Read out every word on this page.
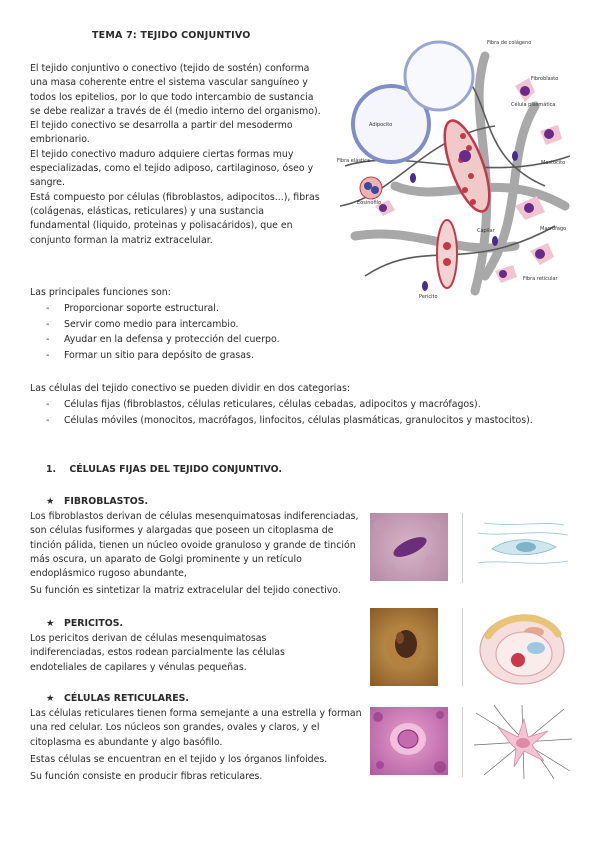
TEMA 7: TEJIDO CONJUNTIVO

El tejido conjuntivo o conectivo (tejido de sostén) conforma una masa coherente entre el sistema vascular sanguíneo y todos los epitelios, por lo que todo intercambio de sustancia se debe realizar a través de él (medio interno del organismo).

El tejido conectivo se desarrolla a partir del mesodermo embrionario.

El tejido conectivo maduro adquiere ciertas formas muy especializadas, como el tejido adiposo, cartilaginoso, óseo y sangre.

Está compuesto por células (fibroblastos, adipocitos...), fibras (colágenas, elásticas, reticulares) y una sustancia fundamental (liquido, proteinas y polisacáridos), que en conjunto forman la matriz extracelular.

Fibra de colágeno
Fibroblasto
Adipocito
Mastocito
Fibra elástica
Eosinófilo
Capilar	Macrófago
Pericito
Fibra reticular
Célula plasmática

Las principales funciones son:

- Proporcionar soporte estructural.
- Servir como medio para intercambio.
- Ayudar en la defensa y protección del cuerpo.
- Formar un sitio para depósito de grasas.

Las células del tejido conectivo se pueden dividir en dos categorias:

- Células fijas (fibroblastos, células reticulares, células cebadas, adipocitos y macrófagos).
- Células móviles (monocitos, macrófagos, linfocitos, células plasmáticas, granulocitos y mastocitos).
1. CÉLULAS FIJAS DEL TEJIDO CONJUNTIVO.
★ FIBROBLASTOS.

Los fibroblastos derivan de células mesenquimatosas indiferenciadas, son células fusiformes y alargadas que poseen un citoplasma de tinción pálida, tienen un núcleo ovoide granuloso y grande de tinción más oscura, un aparato de Golgi prominente y un retículo endoplásmico rugoso abundante,

Su función es sintetizar la matriz extracelular del tejido conectivo.

★ PERICITOS.

Los pericitos derivan de células mesenquimatosas indiferenciadas, estos rodean parcialmente las células endoteliales de capilares y vénulas pequeñas.

★ CÉLULAS RETICULARES.

Las células reticulares tienen forma semejante a una estrella y forman una red celular. Los núcleos son grandes, ovales y claros, y el citoplasma es abundante y algo basófilo.

Estas células se encuentran en el tejido y los órganos linfoides.

Su función consiste en producir fibras reticulares.
